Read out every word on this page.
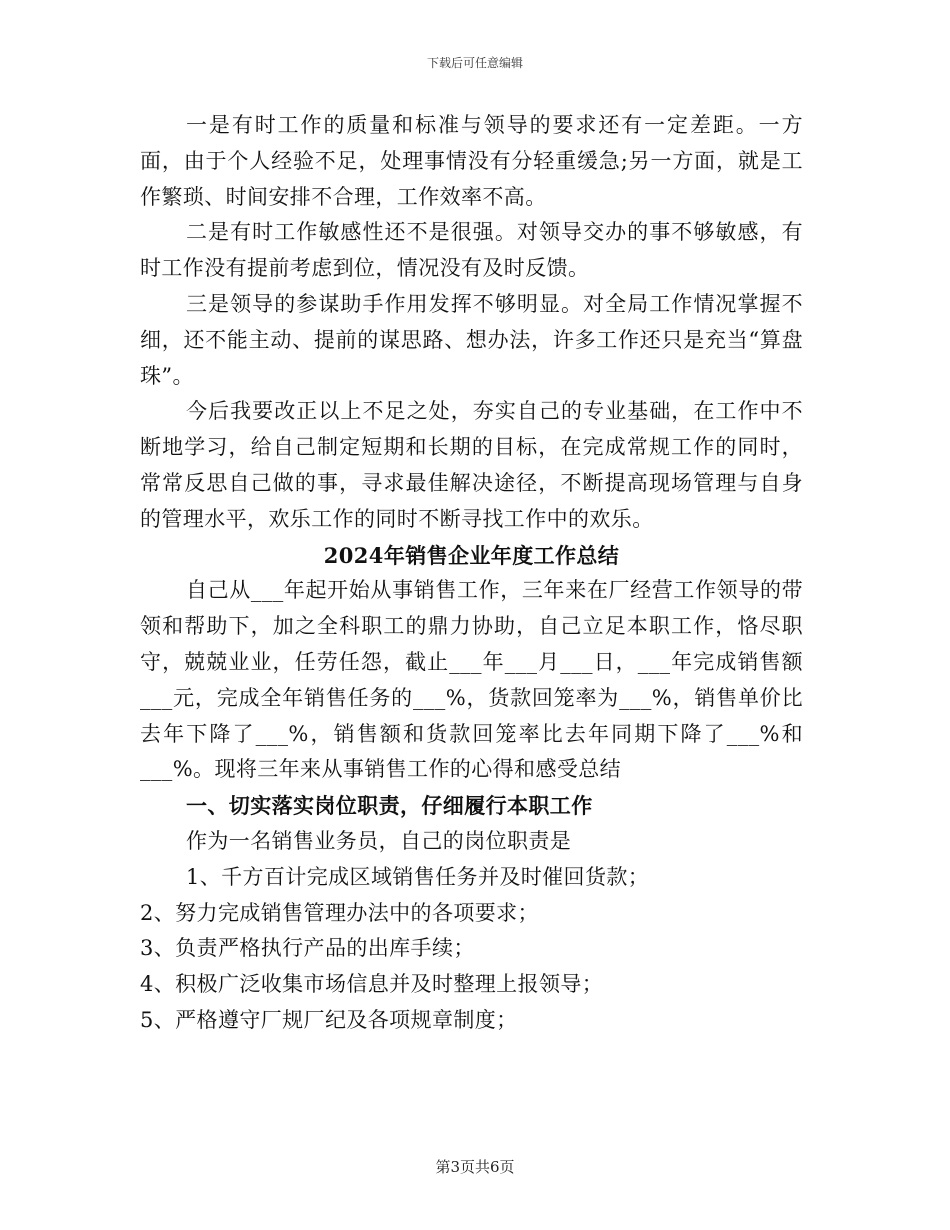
下载后可任意编辑

一是有时工作的质量和标准与领导的要求还有一定差距。一方面，由于个人经验不足，处理事情没有分轻重缓急;另一方面，就是工作繁琐、时间安排不合理，工作效率不高。

二是有时工作敏感性还不是很强。对领导交办的事不够敏感，有时工作没有提前考虑到位，情况没有及时反馈。

三是领导的参谋助手作用发挥不够明显。对全局工作情况掌握不细，还不能主动、提前的谋思路、想办法，许多工作还只是充当“算盘珠”。

今后我要改正以上不足之处，夯实自己的专业基础，在工作中不断地学习，给自己制定短期和长期的目标，在完成常规工作的同时，常常反思自己做的事，寻求最佳解决途径，不断提高现场管理与自身的管理水平，欢乐工作的同时不断寻找工作中的欢乐。

2024年销售企业年度工作总结

自己从___年起开始从事销售工作，三年来在厂经营工作领导的带领和帮助下，加之全科职工的鼎力协助，自己立足本职工作，恪尽职守，兢兢业业，任劳任怨，截止___年___月___日，___年完成销售额___元，完成全年销售任务的___%，货款回笼率为___%，销售单价比去年下降了___%，销售额和货款回笼率比去年同期下降了___%和___%。现将三年来从事销售工作的心得和感受总结

一、切实落实岗位职责，仔细履行本职工作

作为一名销售业务员，自己的岗位职责是

1、千方百计完成区域销售任务并及时催回货款；

2、努力完成销售管理办法中的各项要求；

3、负责严格执行产品的出库手续；

4、积极广泛收集市场信息并及时整理上报领导；

5、严格遵守厂规厂纪及各项规章制度；

第3页共6页
